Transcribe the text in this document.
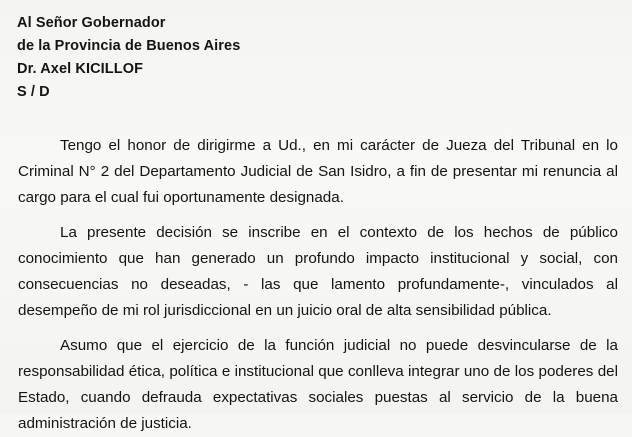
Al Señor Gobernador
de la Provincia de Buenos Aires
Dr. Axel KICILLOF
S / D

Tengo el honor de dirigirme a Ud., en mi carácter de Jueza del Tribunal en lo Criminal N° 2 del Departamento Judicial de San Isidro, a fin de presentar mi renuncia al cargo para el cual fui oportunamente designada.

La presente decisión se inscribe en el contexto de los hechos de público conocimiento que han generado un profundo impacto institucional y social, con consecuencias no deseadas, - las que lamento profundamente-, vinculados al desempeño de mi rol jurisdiccional en un juicio oral de alta sensibilidad pública.

Asumo que el ejercicio de la función judicial no puede desvincularse de la responsabilidad ética, política e institucional que conlleva integrar uno de los poderes del Estado, cuando defrauda expectativas sociales puestas al servicio de la buena administración de justicia.
